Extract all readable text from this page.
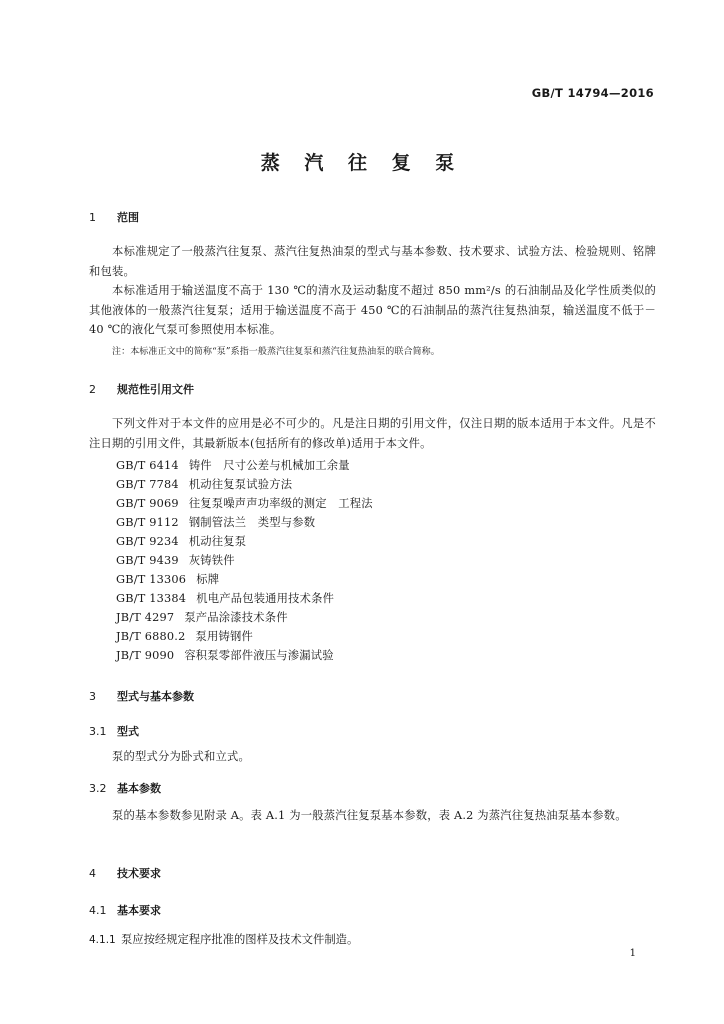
GB/T 14794—2016
蒸 汽 往 复 泵
1 范围
本标准规定了一般蒸汽往复泵、蒸汽往复热油泵的型式与基本参数、技术要求、试验方法、检验规则、铭牌和包装。
本标准适用于输送温度不高于 130 ℃的清水及运动黏度不超过 850 mm²/s 的石油制品及化学性质类似的其他液体的一般蒸汽往复泵；适用于输送温度不高于 450 ℃的石油制品的蒸汽往复热油泵，输送温度不低于－40 ℃的液化气泵可参照使用本标准。
注：本标准正文中的简称“泵”系指一般蒸汽往复泵和蒸汽往复热油泵的联合简称。
2 规范性引用文件
下列文件对于本文件的应用是必不可少的。凡是注日期的引用文件，仅注日期的版本适用于本文件。凡是不注日期的引用文件，其最新版本(包括所有的修改单)适用于本文件。
GB/T 6414 铸件　尺寸公差与机械加工余量
GB/T 7784 机动往复泵试验方法
GB/T 9069 往复泵噪声声功率级的测定　工程法
GB/T 9112 钢制管法兰　类型与参数
GB/T 9234 机动往复泵
GB/T 9439 灰铸铁件
GB/T 13306 标牌
GB/T 13384 机电产品包装通用技术条件
JB/T 4297 泵产品涂漆技术条件
JB/T 6880.2 泵用铸钢件
JB/T 9090 容积泵零部件液压与渗漏试验
3 型式与基本参数
3.1 型式
泵的型式分为卧式和立式。
3.2 基本参数
泵的基本参数参见附录 A。表 A.1 为一般蒸汽往复泵基本参数，表 A.2 为蒸汽往复热油泵基本参数。
4 技术要求
4.1 基本要求
4.1.1 泵应按经规定程序批准的图样及技术文件制造。
1
